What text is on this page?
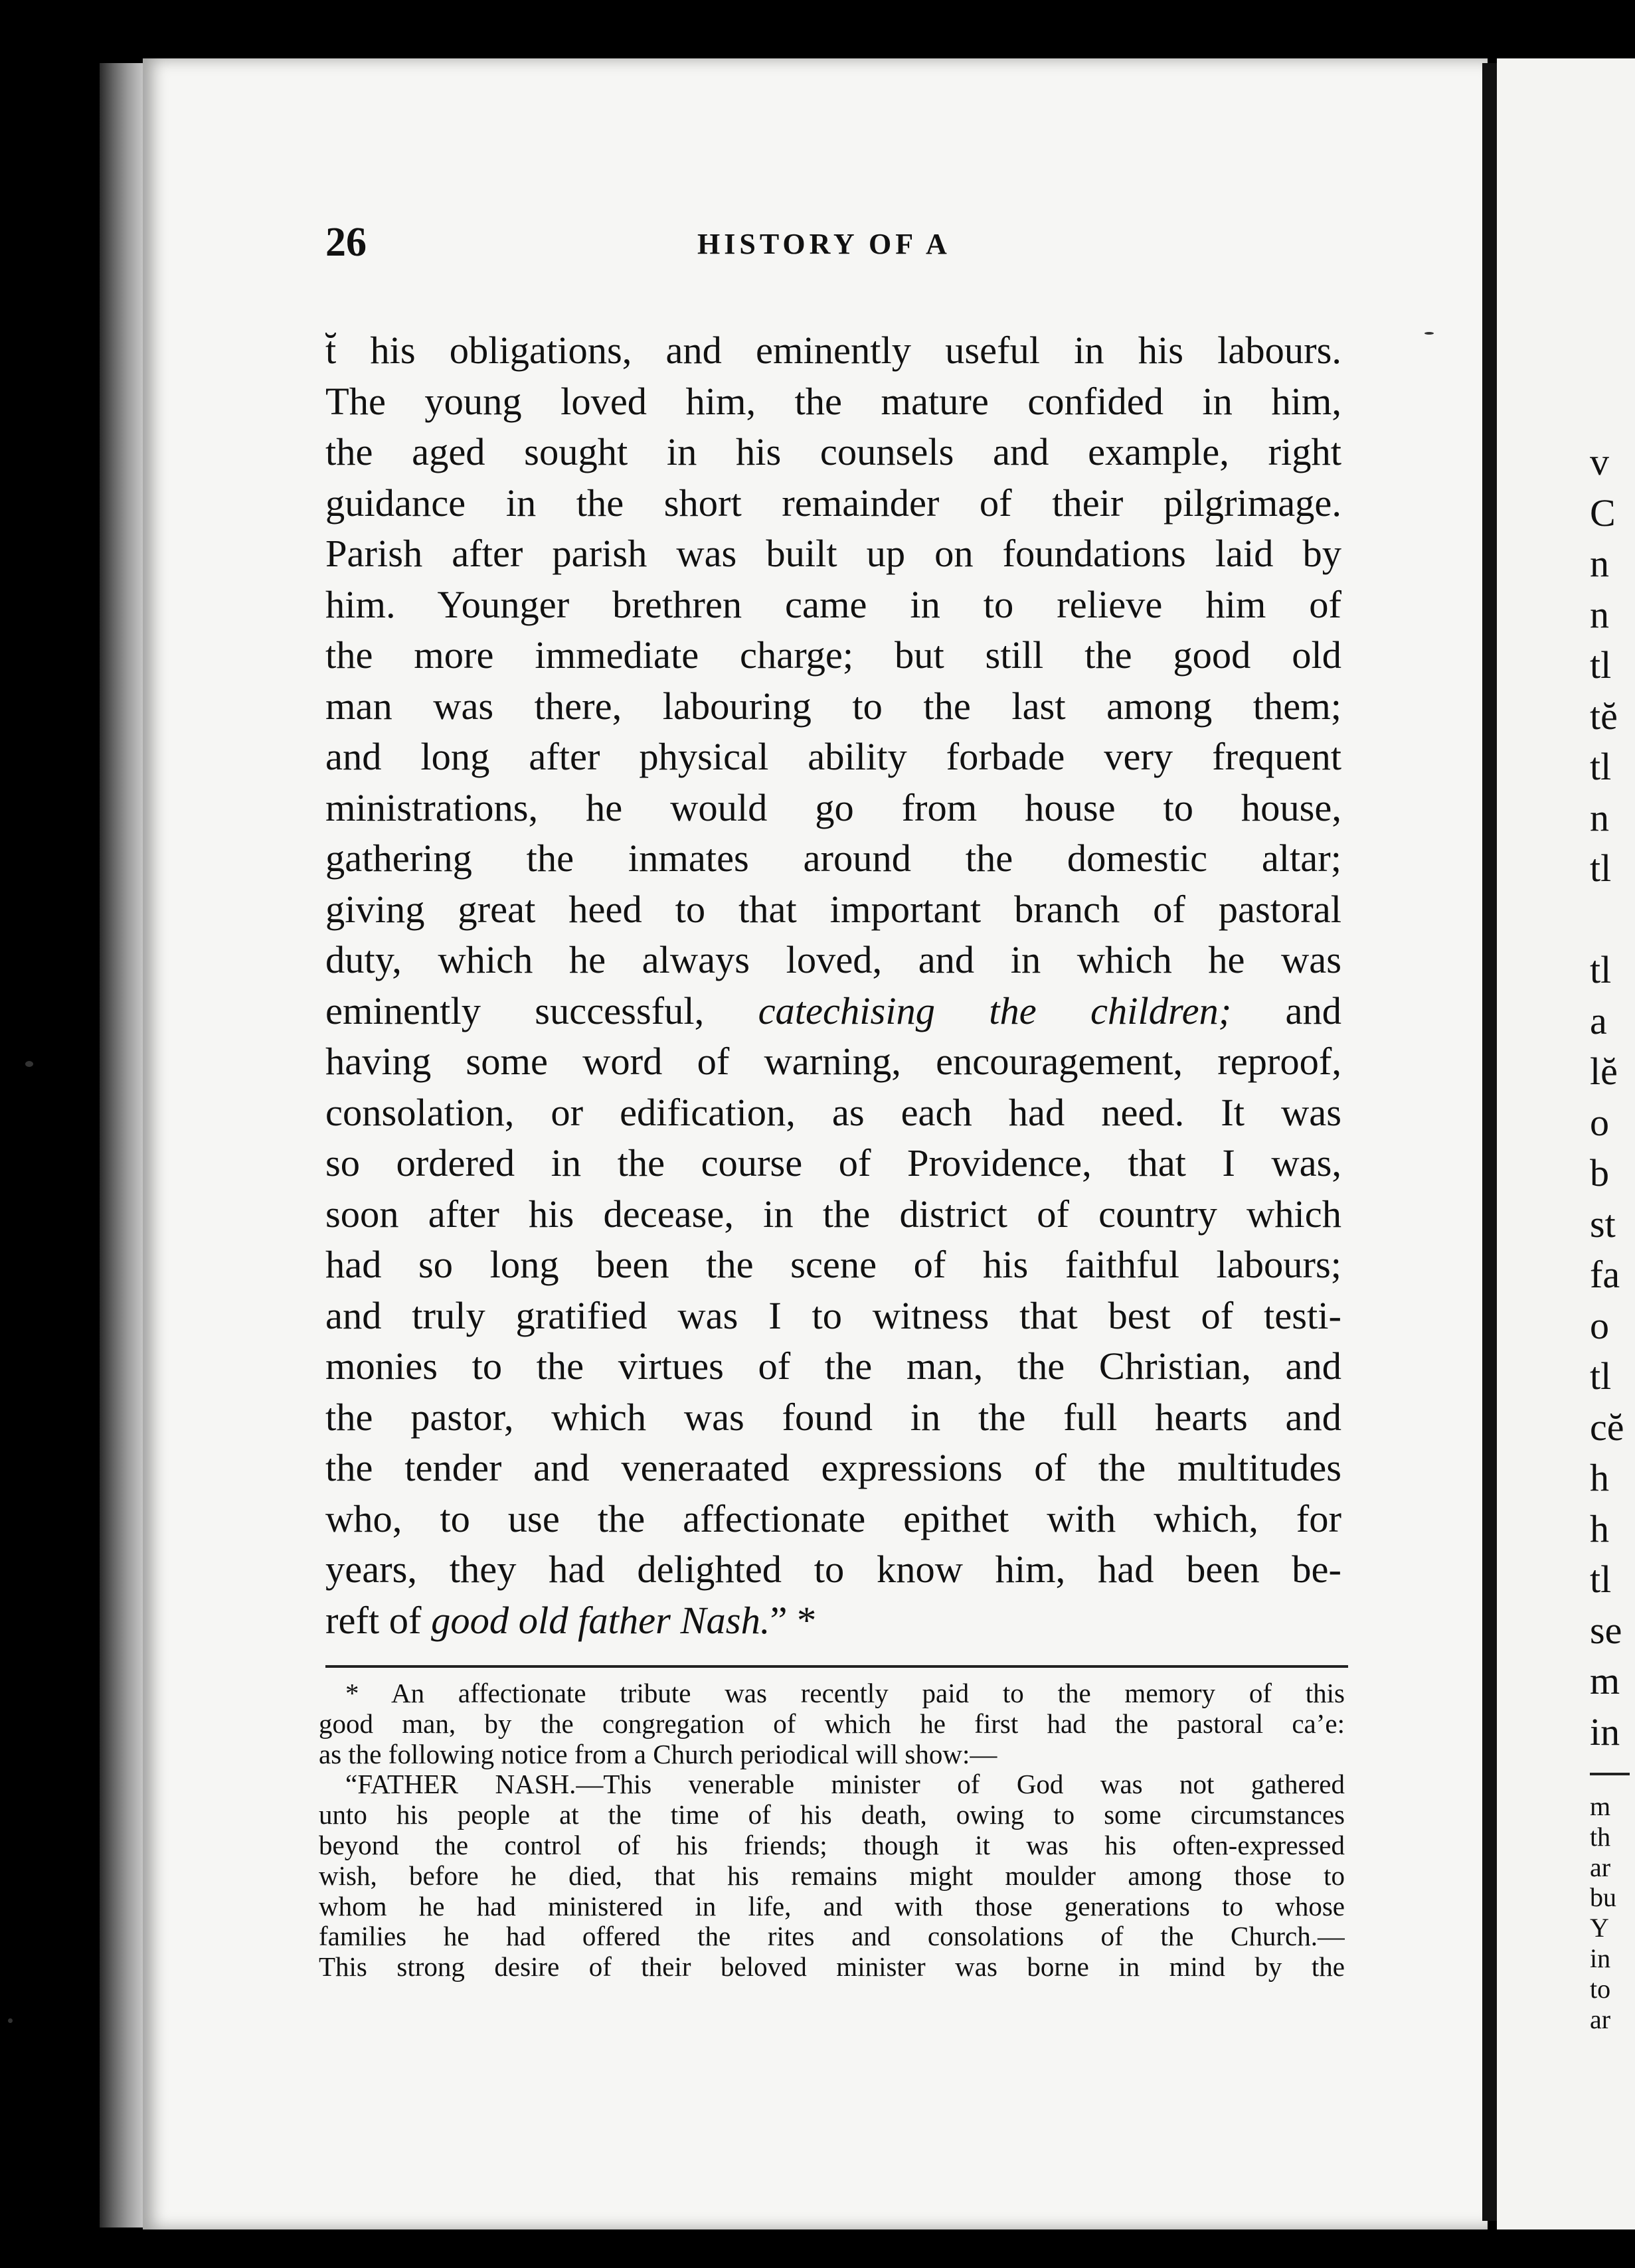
26	HISTORY OF A
t̆ his obligations, and eminently useful in his labours.
The young loved him, the mature confided in him,
the aged sought in his counsels and example, right
guidance in the short remainder of their pilgrimage.
Parish after parish was built up on foundations laid by
him. Younger brethren came in to relieve him of
the more immediate charge; but still the good old
man was there, labouring to the last among them;
and long after physical ability forbade very frequent
ministrations, he would go from house to house,
gathering the inmates around the domestic altar;
giving great heed to that important branch of pastoral
duty, which he always loved, and in which he was
eminently successful, catechising the children; and
having some word of warning, encouragement, reproof,
consolation, or edification, as each had need. It was
so ordered in the course of Providence, that I was,
soon after his decease, in the district of country which
had so long been the scene of his faithful labours;
and truly gratified was I to witness that best of testi-
monies to the virtues of the man, the Christian, and
the pastor, which was found in the full hearts and
the tender and veneraated expressions of the multitudes
who, to use the affectionate epithet with which, for
years, they had delighted to know him, had been be-
reft of good old father Nash.” *
* An affectionate tribute was recently paid to the memory of this
good man, by the congregation of which he first had the pastoral ca’e:
as the following notice from a Church periodical will show:—
“FATHER NASH.—This venerable minister of God was not gathered
unto his people at the time of his death, owing to some circumstances
beyond the control of his friends; though it was his often-expressed
wish, before he died, that his remains might moulder among those to
whom he had ministered in life, and with those generations to whose
families he had offered the rites and consolations of the Church.—
This strong desire of their beloved minister was borne in mind by the
v
C
n
n
tl
tĕ
tl
n
tl
tl
a
lĕ
o
b
st
fa
o
tl
cĕ
h
h
tl
se
m
in
m
th
ar
bu
Y
in
to
ar
